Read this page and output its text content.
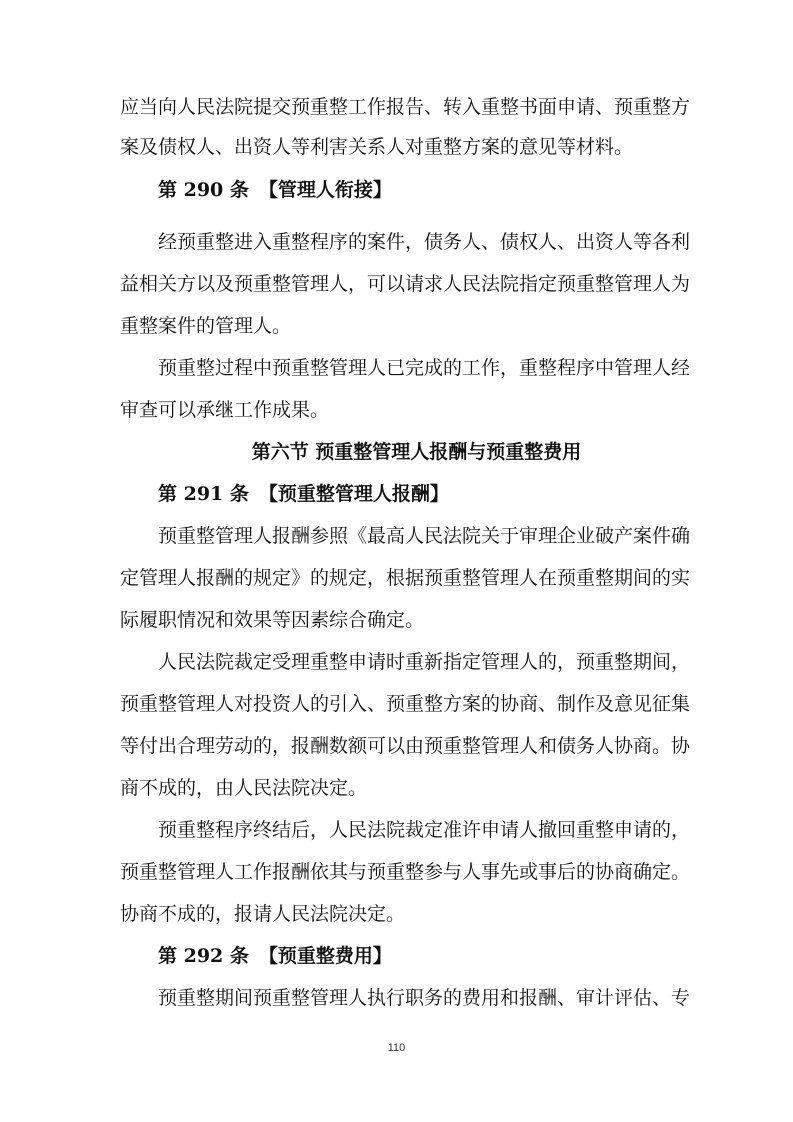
应当向人民法院提交预重整工作报告、转入重整书面申请、预重整方
案及债权人、出资人等利害关系人对重整方案的意见等材料。
第 290 条 【管理人衔接】
经预重整进入重整程序的案件，债务人、债权人、出资人等各利
益相关方以及预重整管理人，可以请求人民法院指定预重整管理人为
重整案件的管理人。
预重整过程中预重整管理人已完成的工作，重整程序中管理人经
审查可以承继工作成果。
第六节 预重整管理人报酬与预重整费用
第 291 条 【预重整管理人报酬】
预重整管理人报酬参照《最高人民法院关于审理企业破产案件确
定管理人报酬的规定》的规定，根据预重整管理人在预重整期间的实
际履职情况和效果等因素综合确定。
人民法院裁定受理重整申请时重新指定管理人的，预重整期间，
预重整管理人对投资人的引入、预重整方案的协商、制作及意见征集
等付出合理劳动的，报酬数额可以由预重整管理人和债务人协商。协
商不成的，由人民法院决定。
预重整程序终结后，人民法院裁定准许申请人撤回重整申请的，
预重整管理人工作报酬依其与预重整参与人事先或事后的协商确定。
协商不成的，报请人民法院决定。
第 292 条 【预重整费用】
预重整期间预重整管理人执行职务的费用和报酬、审计评估、专
110
